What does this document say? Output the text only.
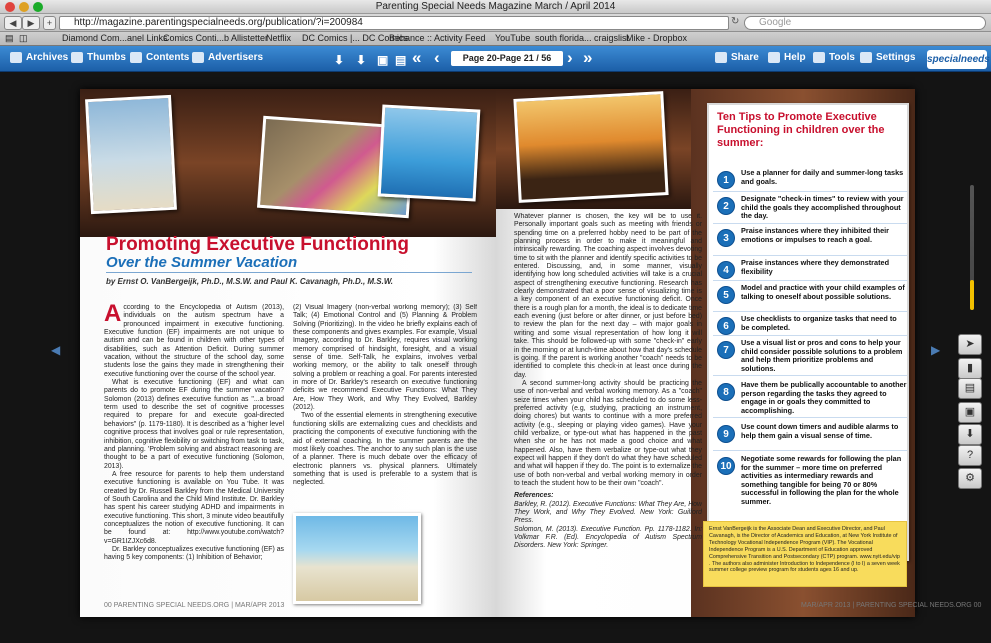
Parenting Special Needs Magazine March / April 2014
◀	▶	+	http://magazine.parentingspecialneeds.org/publication/?i=200984	↻	Google
▤ ◫	Diamond Com...anel Links
Comics Conti...b Allistetter
Netflix DC Comics |... DC Comics
Behance :: Activity Feed YouTube south florida... craigslist
Mike - Dropbox
Archives	Thumbs	Contents	Advertisers	⬇ ⬇ ▣ ▤ « ‹	Page 20-Page 21 / 56 › »	Share	Help	Tools	Settings specialneeds
◀	▶
Promoting Executive Functioning
Over the Summer Vacation
by Ernst O. VanBergeijk, Ph.D., M.S.W. and Paul K. Cavanagh, Ph.D., M.S.W.

According to the Encyclopedia of Autism (2013), individuals on the autism spectrum have a pronounced impairment in executive functioning. Executive function (EF) impairments are not unique to autism and can be found in children with other types of disabilities, such as Attention Deficit. During summer vacation, without the structure of the school day, some students lose the gains they made in strengthening their executive functioning over the course of the school year.

What is executive functioning (EF) and what can parents do to promote EF during the summer vacation? Solomon (2013) defines executive function as "...a broad term used to describe the set of cognitive processes required to prepare for and execute goal-directed behaviors" (p. 1179-1180). It is described as a 'higher level cognitive process that involves goal or rule representation, inhibition, cognitive flexibility or switching from task to task, and planning. 'Problem solving and abstract reasoning are thought to be a part of executive functioning (Solomon, 2013).

A free resource for parents to help them understand executive functioning is available on You Tube. It was created by Dr. Russell Barkley from the Medical University of South Carolina and the Child Mind Institute. Dr. Barkley has spent his career studying ADHD and impairments in executive functioning. This short, 3 minute video beautifully conceptualizes the notion of executive functioning. It can be found at: http://www.youtube.com/watch?v=GR1IZJXc6d8.

Dr. Barkley conceptualizes executive functioning (EF) as having 5 key components: (1) Inhibition of Behavior;

(2) Visual Imagery (non-verbal working memory); (3) Self Talk; (4) Emotional Control and (5) Planning & Problem Solving (Prioritizing). In the video he briefly explains each of these components and gives examples. For example, Visual Imagery, according to Dr. Barkley, requires visual working memory comprised of hindsight, foresight, and a visual sense of time. Self-Talk, he explains, involves verbal working memory, or the ability to talk oneself through solving a problem or reaching a goal. For parents interested in more of Dr. Barkley's research on executive functioning deficits we recommend Executive Functions: What They Are, How They Work, and Why They Evolved, Barkley (2012).

Two of the essential elements in strengthening executive functioning skills are externalizing cues and checklists and practicing the components of executive functioning with the aid of external coaching. In the summer parents are the most likely coaches. The anchor to any such plan is the use of a planner. There is much debate over the efficacy of electronic planners vs. physical planners. Ultimately something that is used is preferable to a system that is neglected.

00 PARENTING SPECIAL NEEDS.ORG | MAR/APR 2013

Whatever planner is chosen, the key will be to use it. Personally important goals such as meeting with friends or spending time on a preferred hobby need to be part of the planning process in order to make it meaningful and intrinsically rewarding. The coaching aspect involves devoting time to sit with the planner and identify specific activities to be entered. Discussing, and, in some manner, visually identifying how long scheduled activities will take is a crucial aspect of strengthening executive functioning. Research has clearly demonstrated that a poor sense of visualizing time is a key component of an executive functioning deficit. Once there is a rough plan for a month, the ideal is to dedicate time each evening (just before or after dinner, or just before bed) to review the plan for the next day – with major goals in writing and some visual representation of how long it will take. This should be followed-up with some "check-in" early in the morning or at lunch-time about how that day's schedule is going. If the parent is working another "coach" needs to be identified to complete this check-in at least once during the day.

A second summer-long activity should be practicing the use of non-verbal and verbal working memory. As a "coach" seize times when your child has scheduled to do some less-preferred activity (e.g, studying, practicing an instrument, doing chores) but wants to continue with a more preferred activity (e.g., sleeping or playing video games). Have your child verbalize, or type-out what has happened in the past when she or he has not made a good choice and what happened. Also, have them verbalize or type-out what they expect will happen if they don't do what they have scheduled and what will happen if they do. The point is to externalize the use of both non-verbal and verbal working memory in order to teach the student how to be their own "coach".

References:

Barkley, R. (2012). Executive Functions: What They Are, How They Work, and Why They Evolved. New York: Guilford Press.

Solomon, M. (2013). Executive Function. Pp. 1178-1182. In: Volkmar F.R. (Ed). Encyclopedia of Autism Spectrum Disorders. New York: Springer.

MAR/APR 2013 | PARENTING SPECIAL NEEDS.ORG 00
Ten Tips to Promote Executive Functioning in children over the summer:
1
Use a planner for daily and summer-long tasks and goals.
2
Designate "check-in times" to review with your child the goals they accomplished throughout the day.
3
Praise instances where they inhibited their emotions or impulses to reach a goal.
4
Praise instances where they demonstrated flexibility
5
Model and practice with your child examples of talking to oneself about possible solutions.
6
Use checklists to organize tasks that need to be completed.
7
Use a visual list or pros and cons to help your child consider possible solutions to a problem and help them prioritize problems and solutions.
8
Have them be publically accountable to another person regarding the tasks they agreed to engage in or goals they committed to accomplishing.
9
Use count down timers and audible alarms to help them gain a visual sense of time.
10
Negotiate some rewards for following the plan for the summer – more time on preferred activities as intermediary rewards and something tangible for being 70 or 80% successful in following the plan for the whole summer.
Ernst VanBergeijk is the Associate Dean and Executive Director, and Paul Cavanagh, is the Director of Academics and Education, at New York Institute of Technology Vocational Independence Program (VIP). The Vocational Independence Program is a U.S. Department of Education approved Comprehensive Transition and Postsecondary (CTP) program. www.nyit.edu/vip . The authors also administer Introduction to Independence (I to I) a seven week summer college preview program for students ages 16 and up.
➤
▮
▤
▣
⬇
?
⚙
